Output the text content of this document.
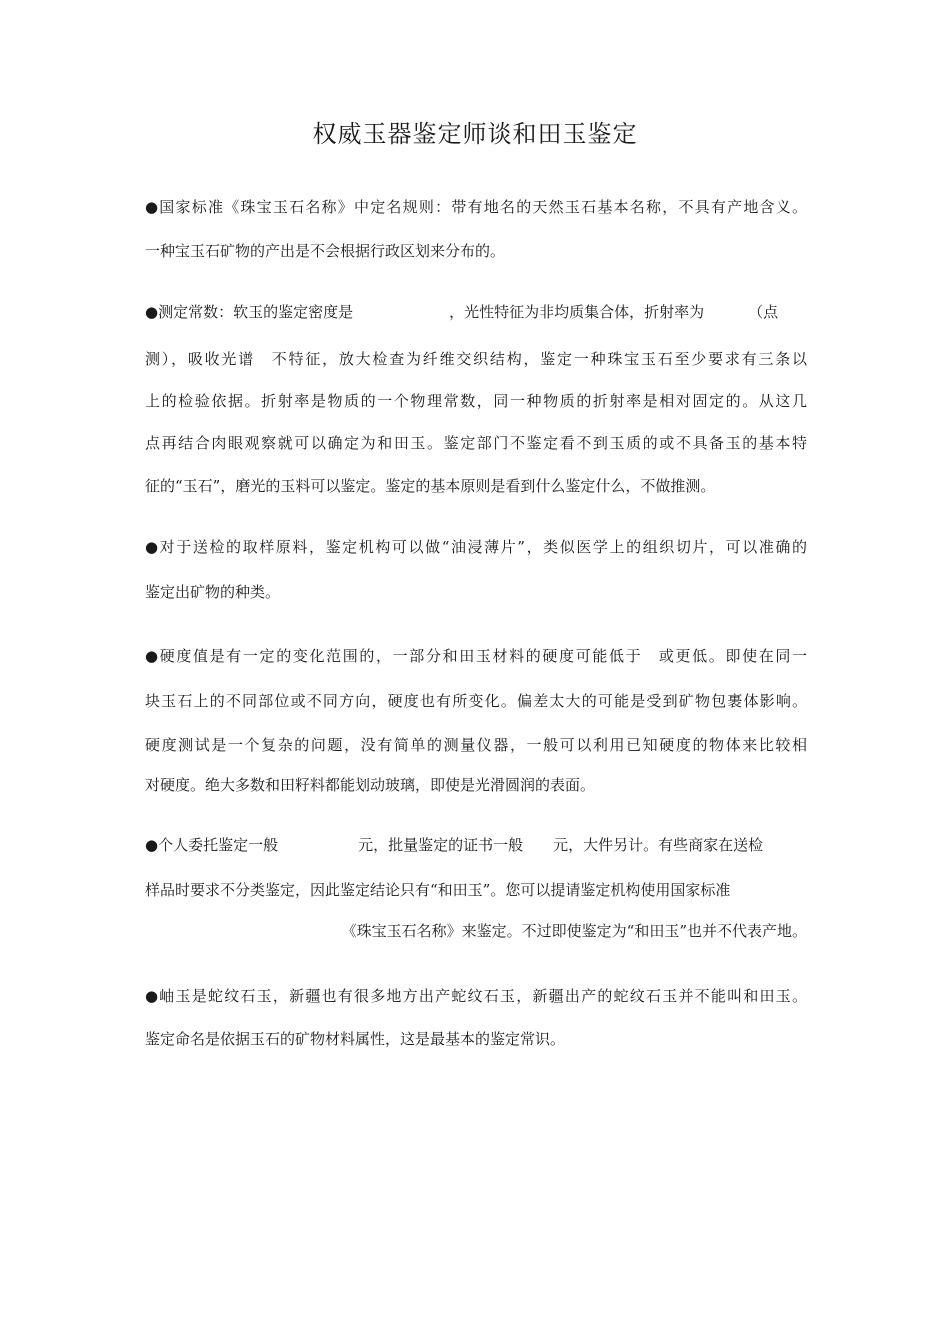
权威玉器鉴定师谈和田玉鉴定
●国家标准《珠宝玉石名称》中定名规则：带有地名的天然玉石基本名称，不具有产地含义。
一种宝玉石矿物的产出是不会根据行政区划来分布的。
●测定常数：软玉的鉴定密度是	，光性特征为非均质集合体，折射率为	（点
测），吸收光谱　不特征，放大检查为纤维交织结构，鉴定一种珠宝玉石至少要求有三条以
上的检验依据。折射率是物质的一个物理常数，同一种物质的折射率是相对固定的。从这几
点再结合肉眼观察就可以确定为和田玉。鉴定部门不鉴定看不到玉质的或不具备玉的基本特
征的“玉石”，磨光的玉料可以鉴定。鉴定的基本原则是看到什么鉴定什么，不做推测。
●对于送检的取样原料，鉴定机构可以做“油浸薄片”，类似医学上的组织切片，可以准确的
鉴定出矿物的种类。
●硬度值是有一定的变化范围的，一部分和田玉材料的硬度可能低于　或更低。即使在同一
块玉石上的不同部位或不同方向，硬度也有所变化。偏差太大的可能是受到矿物包裹体影响。
硬度测试是一个复杂的问题，没有简单的测量仪器，一般可以利用已知硬度的物体来比较相
对硬度。绝大多数和田籽料都能划动玻璃，即使是光滑圆润的表面。
●个人委托鉴定一般	元，批量鉴定的证书一般 元，大件另计。有些商家在送检
样品时要求不分类鉴定，因此鉴定结论只有“和田玉”。您可以提请鉴定机构使用国家标准
《珠宝玉石名称》来鉴定。不过即使鉴定为“和田玉”也并不代表产地。
●岫玉是蛇纹石玉，新疆也有很多地方出产蛇纹石玉，新疆出产的蛇纹石玉并不能叫和田玉。
鉴定命名是依据玉石的矿物材料属性，这是最基本的鉴定常识。
